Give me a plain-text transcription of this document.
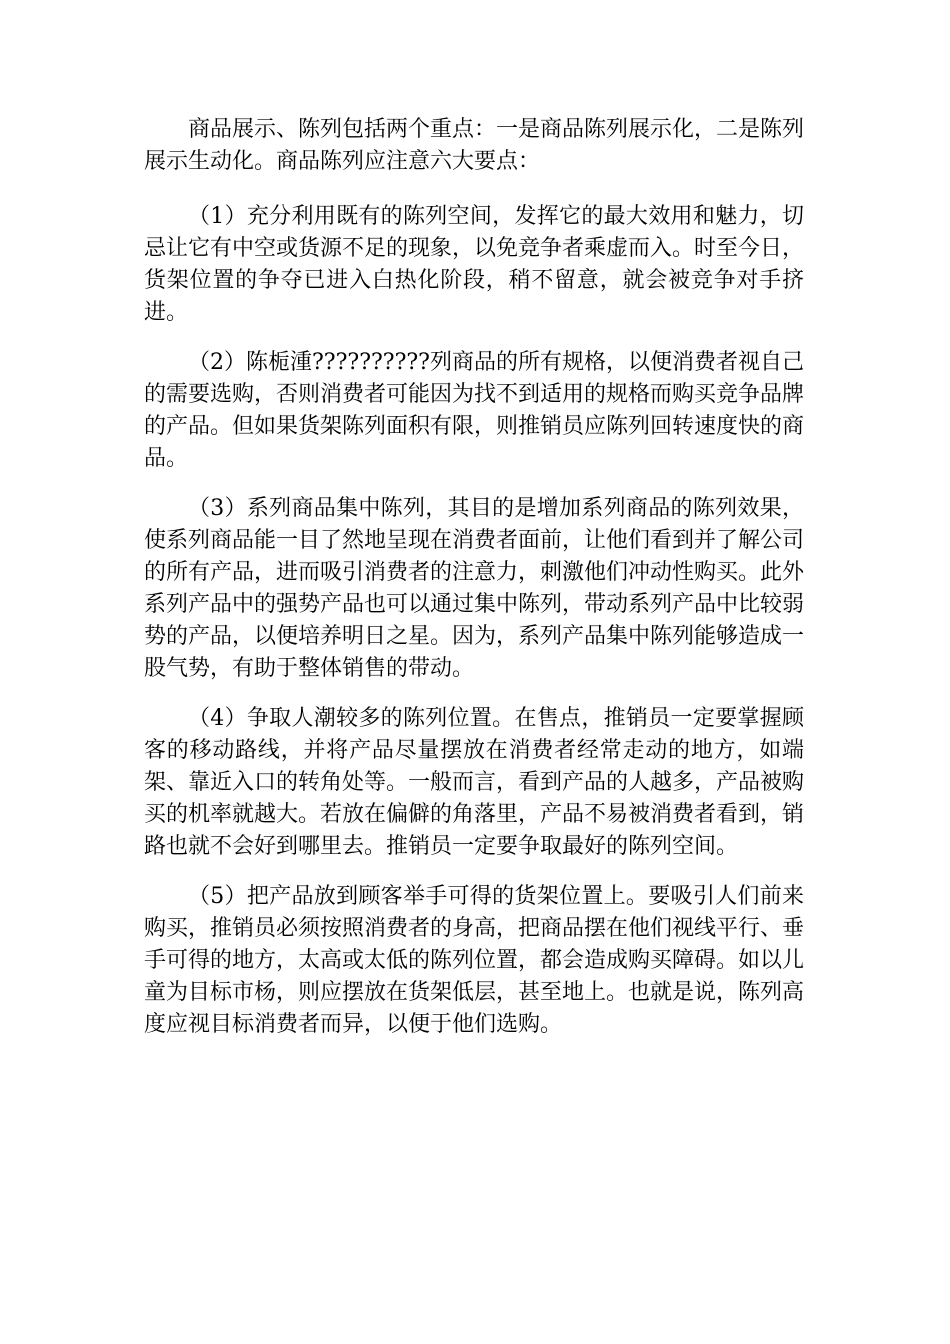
商品展示、陈列包括两个重点：一是商品陈列展示化，二是陈列展示生动化。商品陈列应注意六大要点：

（1）充分利用既有的陈列空间，发挥它的最大效用和魅力，切忌让它有中空或货源不足的现象，以免竞争者乘虚而入。时至今日，货架位置的争夺已进入白热化阶段，稍不留意，就会被竞争对手挤进。

（2）陈栀湩??????????列商品的所有规格，以便消费者视自己的需要选购，否则消费者可能因为找不到适用的规格而购买竞争品牌的产品。但如果货架陈列面积有限，则推销员应陈列回转速度快的商品。

（3）系列商品集中陈列，其目的是增加系列商品的陈列效果，使系列商品能一目了然地呈现在消费者面前，让他们看到并了解公司的所有产品，进而吸引消费者的注意力，刺激他们冲动性购买。此外系列产品中的强势产品也可以通过集中陈列，带动系列产品中比较弱势的产品，以便培养明日之星。因为，系列产品集中陈列能够造成一股气势，有助于整体销售的带动。

（4）争取人潮较多的陈列位置。在售点，推销员一定要掌握顾客的移动路线，并将产品尽量摆放在消费者经常走动的地方，如端架、靠近入口的转角处等。一般而言，看到产品的人越多，产品被购买的机率就越大。若放在偏僻的角落里，产品不易被消费者看到，销路也就不会好到哪里去。推销员一定要争取最好的陈列空间。

（5）把产品放到顾客举手可得的货架位置上。要吸引人们前来购买，推销员必须按照消费者的身高，把商品摆在他们视线平行、垂手可得的地方，太高或太低的陈列位置，都会造成购买障碍。如以儿童为目标市杨，则应摆放在货架低层，甚至地上。也就是说，陈列高度应视目标消费者而异，以便于他们选购。
